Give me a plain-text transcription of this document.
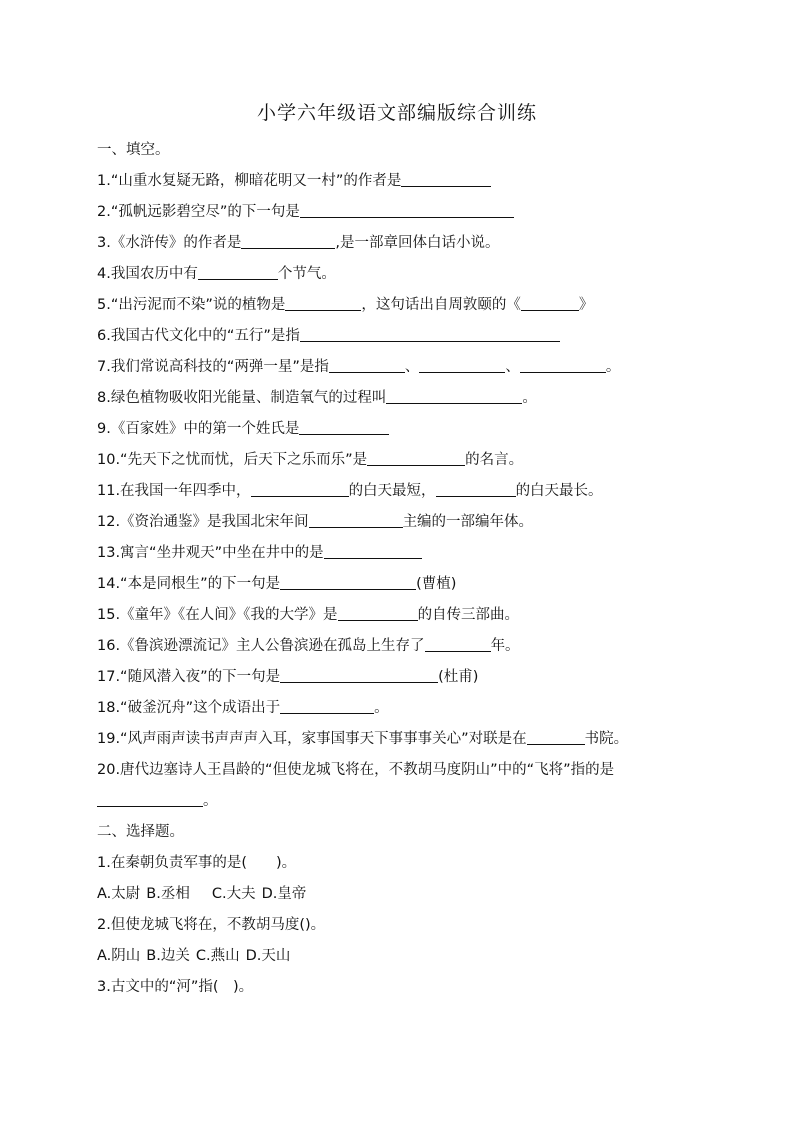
小学六年级语文部编版综合训练
一、填空。
1.“山重水复疑无路，柳暗花明又一村”的作者是
2.“孤帆远影碧空尽”的下一句是
3.《水浒传》的作者是	,是一部章回体白话小说。
4.我国农历中有	个节气。
5.“出污泥而不染”说的植物是	，这句话出自周敦颐的《	》
6.我国古代文化中的“五行”是指
7.我们常说高科技的“两弹一星”是指	、	、	。
8.绿色植物吸收阳光能量、制造氧气的过程叫	。
9.《百家姓》中的第一个姓氏是
10.“先天下之忧而忧，后天下之乐而乐”是	的名言。
11.在我国一年四季中，	的白天最短，	的白天最长。
12.《资治通鉴》是我国北宋年间	主编的一部编年体。
13.寓言“坐井观天”中坐在井中的是
14.“本是同根生”的下一句是	(曹植)
15.《童年》《在人间》《我的大学》是	的自传三部曲。
16.《鲁滨逊漂流记》主人公鲁滨逊在孤岛上生存了	年。
17.“随风潜入夜”的下一句是	(杜甫)
18.“破釜沉舟”这个成语出于	。
19.“风声雨声读书声声声入耳，家事国事天下事事事关心”对联是在	书院。
20.唐代边塞诗人王昌龄的“但使龙城飞将在，不教胡马度阴山”中的“飞将”指的是
。
二、选择题。
1.在秦朝负责军事的是(　　)。
A.太尉 B.丞相 C.大夫 D.皇帝
2.但使龙城飞将在，不教胡马度()。
A.阴山 B.边关 C.燕山 D.天山
3.古文中的“河”指(　)。
